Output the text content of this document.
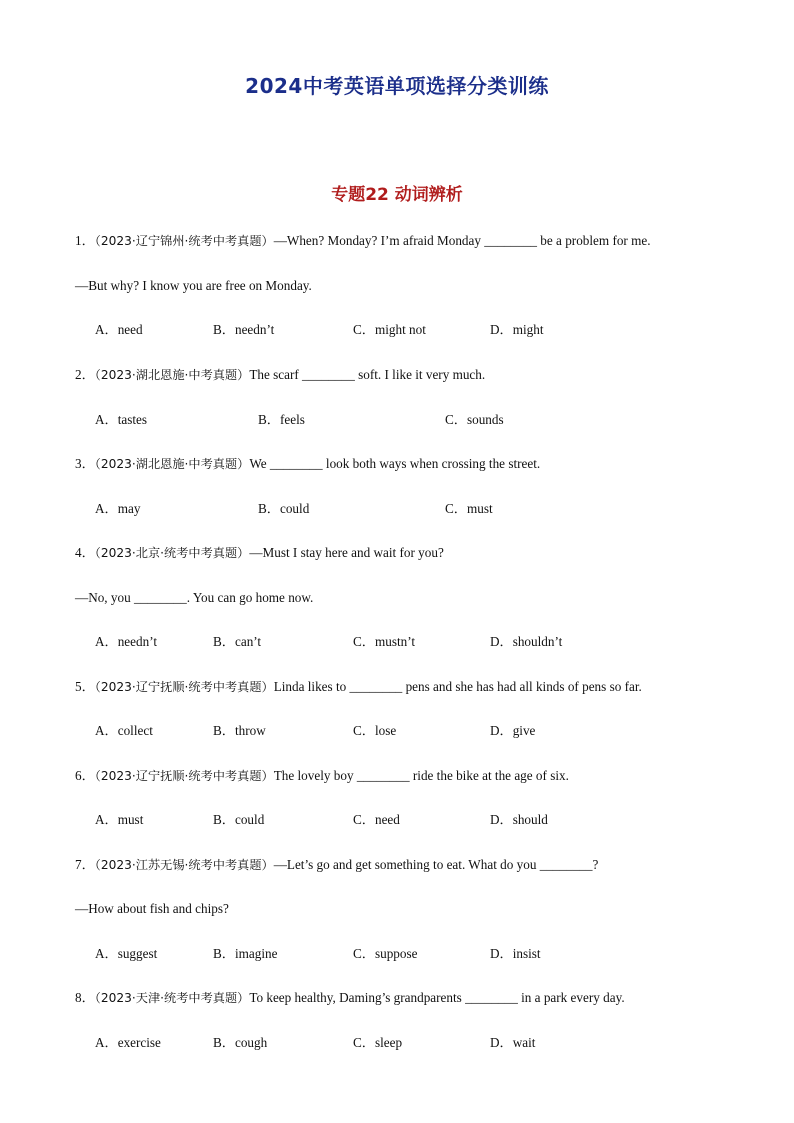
2024中考英语单项选择分类训练
专题22 动词辨析
1．（2023·辽宁锦州·统考中考真题）—When? Monday? I’m afraid Monday ________ be a problem for me.
—But why? I know you are free on Monday.
A．need	B．needn’t	C．might not	D．might
2．（2023·湖北恩施·中考真题）The scarf ________ soft. I like it very much.
A．tastes	B．feels	C．sounds
3．（2023·湖北恩施·中考真题）We ________ look both ways when crossing the street.
A．may	B．could	C．must
4．（2023·北京·统考中考真题）—Must I stay here and wait for you?
—No, you ________. You can go home now.
A．needn’t	B．can’t	C．mustn’t	D．shouldn’t
5．（2023·辽宁抚顺·统考中考真题）Linda likes to ________ pens and she has had all kinds of pens so far.
A．collect	B．throw	C．lose	D．give
6．（2023·辽宁抚顺·统考中考真题）The lovely boy ________ ride the bike at the age of six.
A．must	B．could	C．need	D．should
7．（2023·江苏无锡·统考中考真题）—Let’s go and get something to eat. What do you ________?
—How about fish and chips?
A．suggest	B．imagine	C．suppose	D．insist
8．（2023·天津·统考中考真题）To keep healthy, Daming’s grandparents ________ in a park every day.
A．exercise	B．cough	C．sleep	D．wait
